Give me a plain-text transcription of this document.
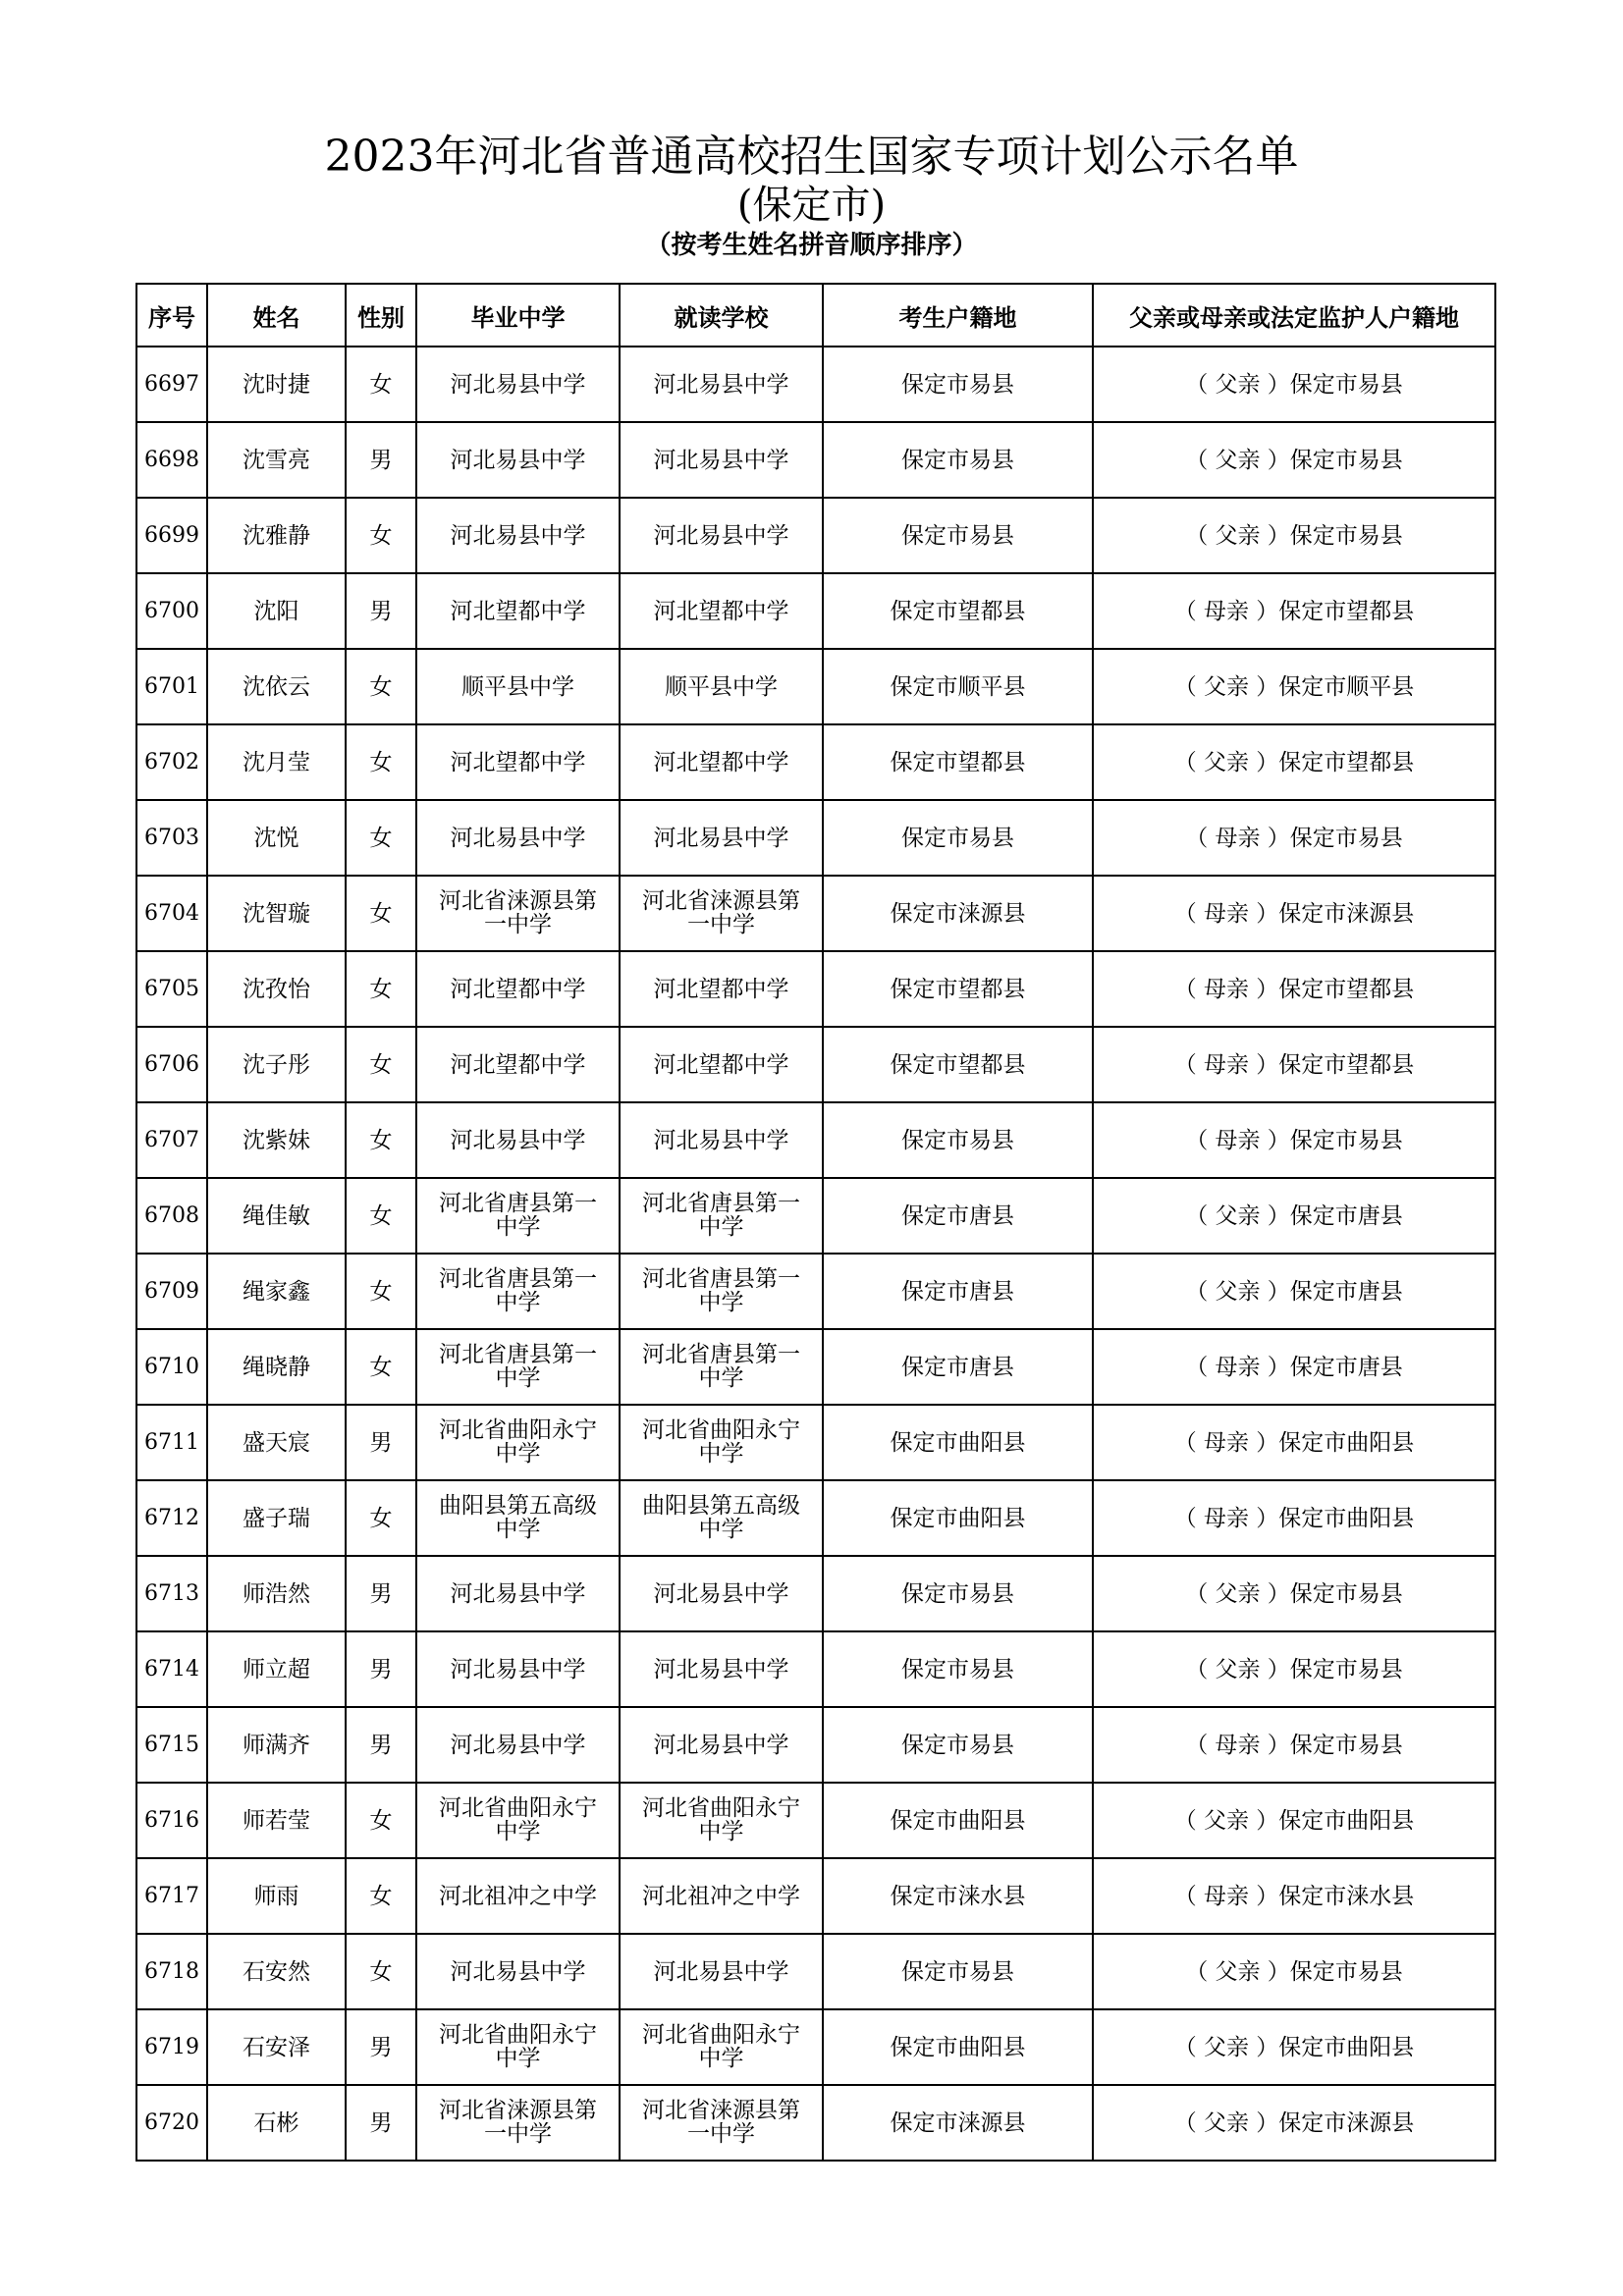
2023年河北省普通高校招生国家专项计划公示名单
(保定市)
（按考生姓名拼音顺序排序）
序号	姓名	性别	毕业中学	就读学校	考生户籍地	父亲或母亲或法定监护人户籍地
6697	沈时捷	女	河北易县中学	河北易县中学	保定市易县	（ 父亲 ）保定市易县
6698	沈雪亮	男	河北易县中学	河北易县中学	保定市易县	（ 父亲 ）保定市易县
6699	沈雅静	女	河北易县中学	河北易县中学	保定市易县	（ 父亲 ）保定市易县
6700	沈阳	男	河北望都中学	河北望都中学	保定市望都县	（ 母亲 ）保定市望都县
6701	沈依云	女	顺平县中学	顺平县中学	保定市顺平县	（ 父亲 ）保定市顺平县
6702	沈月莹	女	河北望都中学	河北望都中学	保定市望都县	（ 父亲 ）保定市望都县
6703	沈悦	女	河北易县中学	河北易县中学	保定市易县	（ 母亲 ）保定市易县
6704	沈智璇	女	河北省涞源县第一中学	河北省涞源县第一中学	保定市涞源县	（ 母亲 ）保定市涞源县
6705	沈孜怡	女	河北望都中学	河北望都中学	保定市望都县	（ 母亲 ）保定市望都县
6706	沈子彤	女	河北望都中学	河北望都中学	保定市望都县	（ 母亲 ）保定市望都县
6707	沈紫妹	女	河北易县中学	河北易县中学	保定市易县	（ 母亲 ）保定市易县
6708	绳佳敏	女	河北省唐县第一中学	河北省唐县第一中学	保定市唐县	（ 父亲 ）保定市唐县
6709	绳家鑫	女	河北省唐县第一中学	河北省唐县第一中学	保定市唐县	（ 父亲 ）保定市唐县
6710	绳晓静	女	河北省唐县第一中学	河北省唐县第一中学	保定市唐县	（ 母亲 ）保定市唐县
6711	盛天宸	男	河北省曲阳永宁中学	河北省曲阳永宁中学	保定市曲阳县	（ 母亲 ）保定市曲阳县
6712	盛子瑞	女	曲阳县第五高级中学	曲阳县第五高级中学	保定市曲阳县	（ 母亲 ）保定市曲阳县
6713	师浩然	男	河北易县中学	河北易县中学	保定市易县	（ 父亲 ）保定市易县
6714	师立超	男	河北易县中学	河北易县中学	保定市易县	（ 父亲 ）保定市易县
6715	师满齐	男	河北易县中学	河北易县中学	保定市易县	（ 母亲 ）保定市易县
6716	师若莹	女	河北省曲阳永宁中学	河北省曲阳永宁中学	保定市曲阳县	（ 父亲 ）保定市曲阳县
6717	师雨	女	河北祖冲之中学	河北祖冲之中学	保定市涞水县	（ 母亲 ）保定市涞水县
6718	石安然	女	河北易县中学	河北易县中学	保定市易县	（ 父亲 ）保定市易县
6719	石安泽	男	河北省曲阳永宁中学	河北省曲阳永宁中学	保定市曲阳县	（ 父亲 ）保定市曲阳县
6720	石彬	男	河北省涞源县第一中学	河北省涞源县第一中学	保定市涞源县	（ 父亲 ）保定市涞源县
